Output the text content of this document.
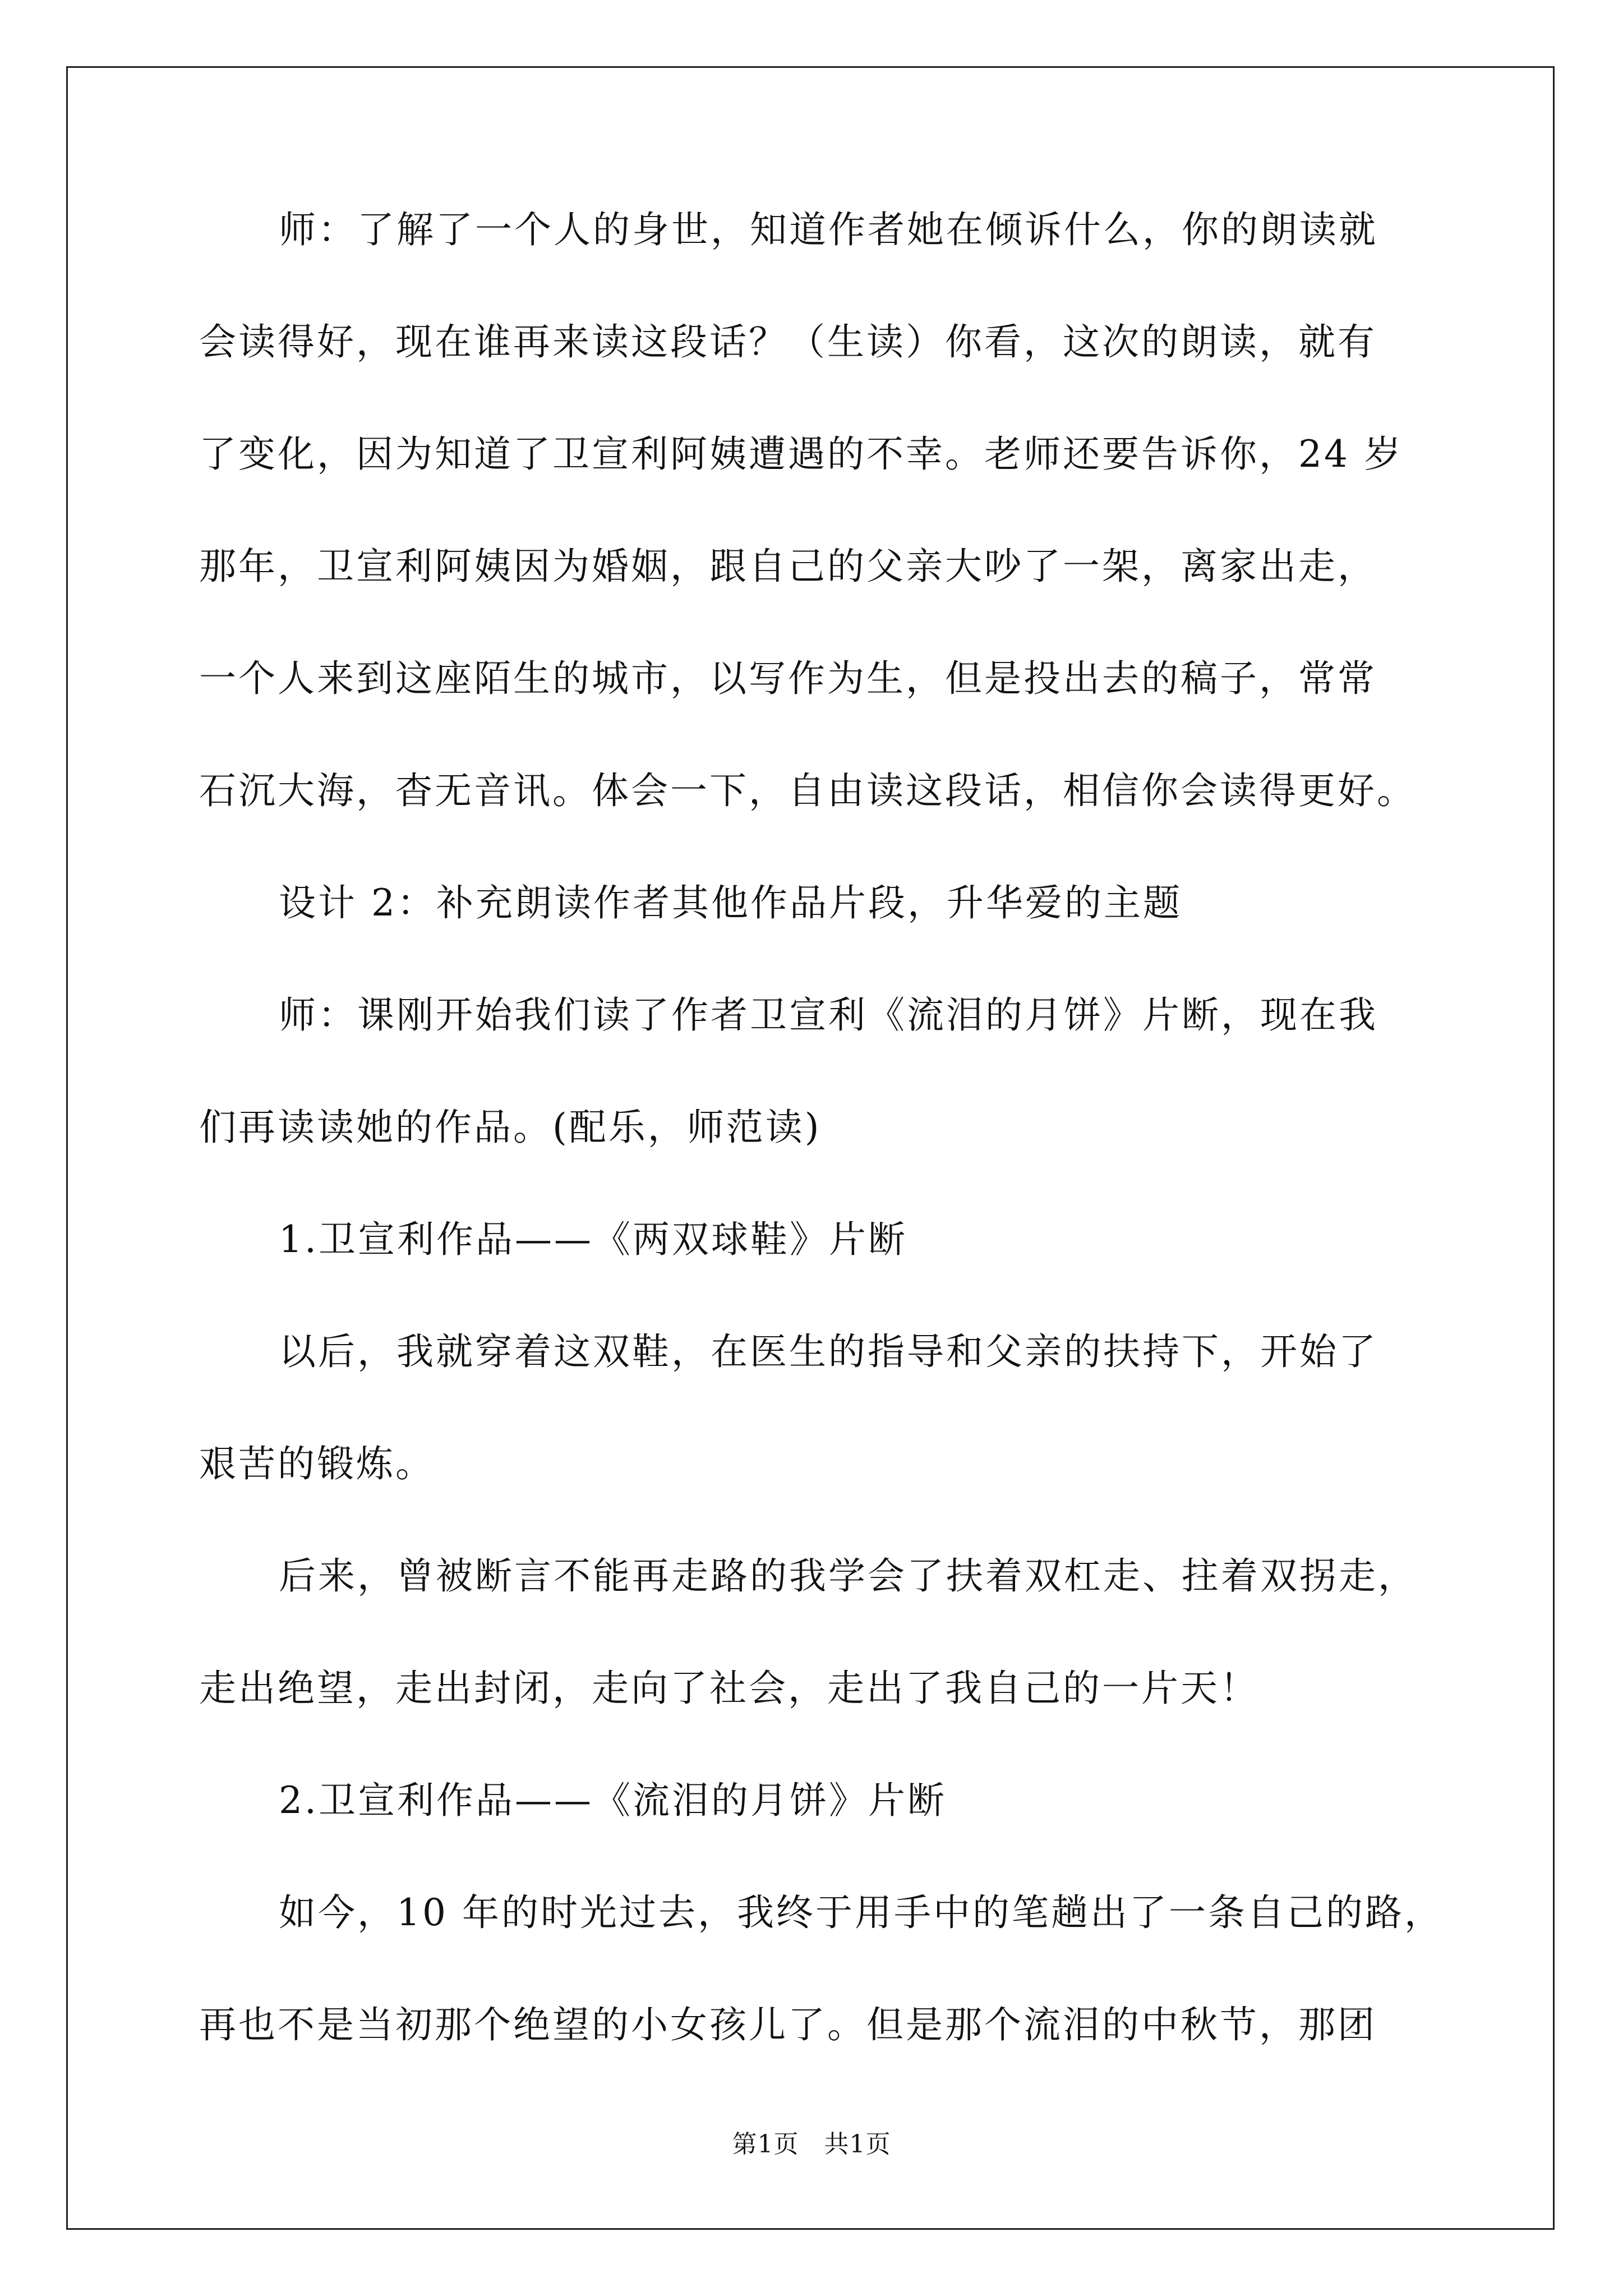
师：了解了一个人的身世，知道作者她在倾诉什么，你的朗读就
会读得好，现在谁再来读这段话？（生读）你看，这次的朗读，就有
了变化，因为知道了卫宣利阿姨遭遇的不幸。老师还要告诉你，24 岁
那年，卫宣利阿姨因为婚姻，跟自己的父亲大吵了一架，离家出走，
一个人来到这座陌生的城市，以写作为生，但是投出去的稿子，常常
石沉大海，杳无音讯。体会一下，自由读这段话，相信你会读得更好。
设计 2：补充朗读作者其他作品片段，升华爱的主题
师：课刚开始我们读了作者卫宣利《流泪的月饼》片断，现在我
们再读读她的作品。(配乐，师范读)
1.卫宣利作品——《两双球鞋》片断
以后，我就穿着这双鞋，在医生的指导和父亲的扶持下，开始了
艰苦的锻炼。
后来，曾被断言不能再走路的我学会了扶着双杠走、拄着双拐走，
走出绝望，走出封闭，走向了社会，走出了我自己的一片天！
2.卫宣利作品——《流泪的月饼》片断
如今，10 年的时光过去，我终于用手中的笔趟出了一条自己的路，
再也不是当初那个绝望的小女孩儿了。但是那个流泪的中秋节，那团
第1页　共1页
